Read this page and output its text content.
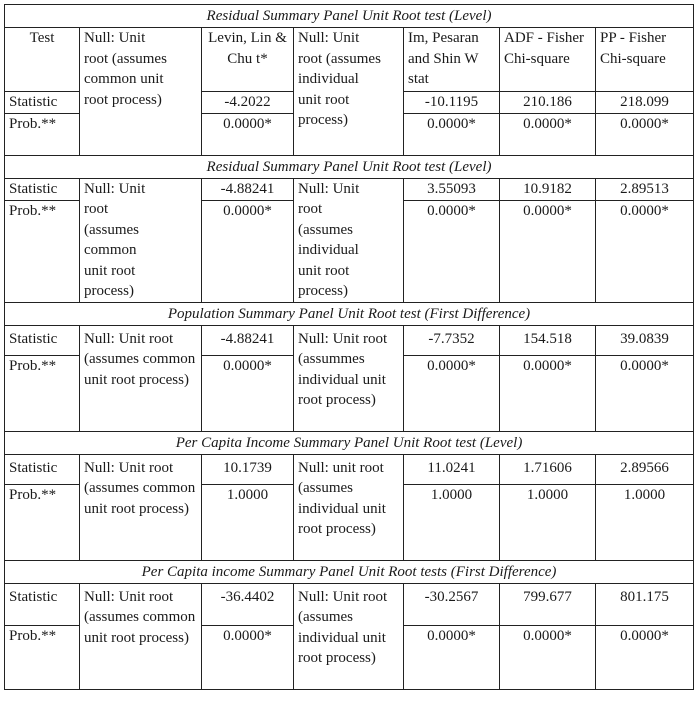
Residual Summary Panel Unit Root test (Level)						
Test	Null: Unit root (assumes common unit root process)	Levin, Lin & Chu t*	Null: Unit root (assumes individual unit root process)	Im, Pesaran and Shin W stat	ADF - Fisher Chi-square	PP - Fisher Chi-square
Statistic		-4.2022		-10.1195	210.186	218.099
Prob.**		0.0000*		0.0000*	0.0000*	0.0000*
Residual Summary Panel Unit Root test (Level)						
Statistic	Null: Unit root (assumes common unit root process)	-4.88241	Null: Unit root (assumes individual unit root process)	3.55093	10.9182	2.89513
Prob.**		0.0000*		0.0000*	0.0000*	0.0000*
Population Summary Panel Unit Root test (First Difference)						
Statistic	Null: Unit root (assumes common unit root process)	-4.88241	Null: Unit root (assummes individual unit root process)	-7.7352	154.518	39.0839
Prob.**		0.0000*		0.0000*	0.0000*	0.0000*
Per Capita Income Summary Panel Unit Root test (Level)						
Statistic	Null: Unit root (assumes common unit root process)	10.1739	Null: unit root (assumes individual unit root process)	11.0241	1.71606	2.89566
Prob.**		1.0000		1.0000	1.0000	1.0000
Per Capita income Summary Panel Unit Root tests (First Difference)						
Statistic	Null: Unit root (assumes common unit root process)	-36.4402	Null: Unit root (assumes individual unit root process)	-30.2567	799.677	801.175
Prob.**		0.0000*		0.0000*	0.0000*	0.0000*
